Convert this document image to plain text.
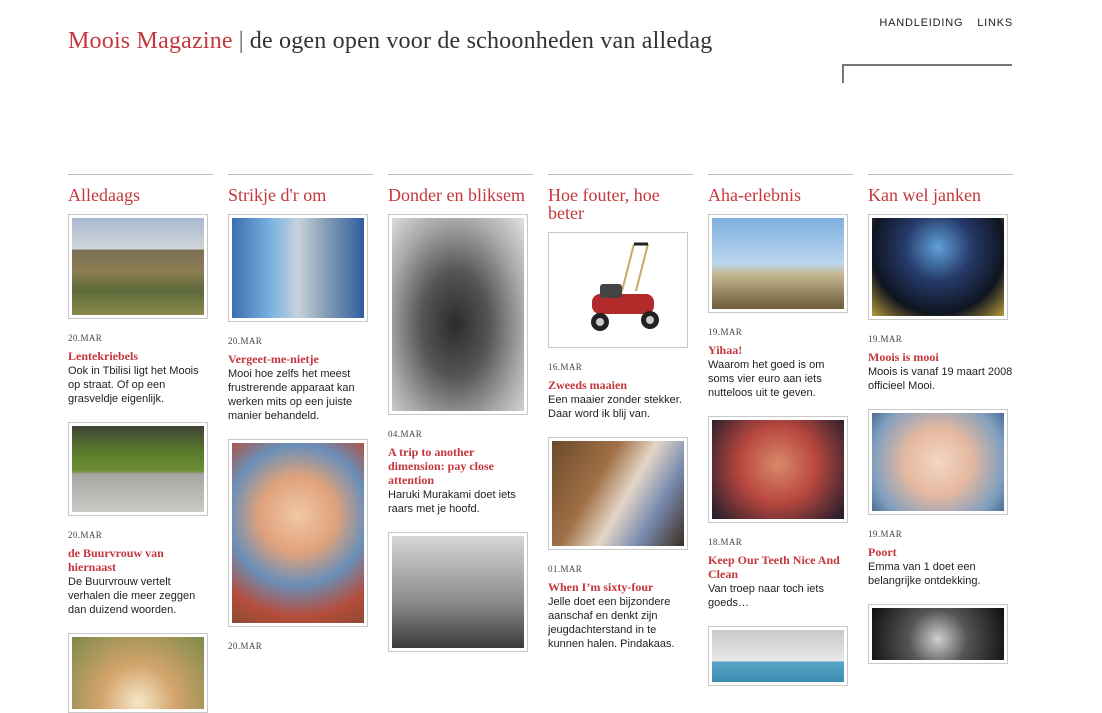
Moois Magazine | de ogen open voor de schoonheden van alledag
HANDLEIDING LINKS
Alledaags
20.MAR
Lentekriebels
Ook in Tbilisi ligt het Moois op straat. Of op een grasveldje eigenlijk.
20.MAR
de Buurvrouw van hiernaast
De Buurvrouw vertelt verhalen die meer zeggen dan duizend woorden.
Strikje d'r om
20.MAR
Vergeet-me-nietje
Mooi hoe zelfs het meest frustrerende apparaat kan werken mits op een juiste manier behandeld.
20.MAR
Donder en bliksem
04.MAR
A trip to another dimension: pay close attention
Haruki Murakami doet iets raars met je hoofd.
Hoe fouter, hoe beter
16.MAR
Zweeds maaien
Een maaier zonder stekker. Daar word ik blij van.
01.MAR
When I’m sixty-four
Jelle doet een bijzondere aanschaf en denkt zijn jeugdachterstand in te kunnen halen. Pindakaas.
Aha-erlebnis
19.MAR
Yihaa!
Waarom het goed is om soms vier euro aan iets nutteloos uit te geven.
18.MAR
Keep Our Teeth Nice And Clean
Van troep naar toch iets goeds…
Kan wel janken
19.MAR
Moois is mooi
Moois is vanaf 19 maart 2008 officieel Mooi.
19.MAR
Poort
Emma van 1 doet een belangrijke ontdekking.
